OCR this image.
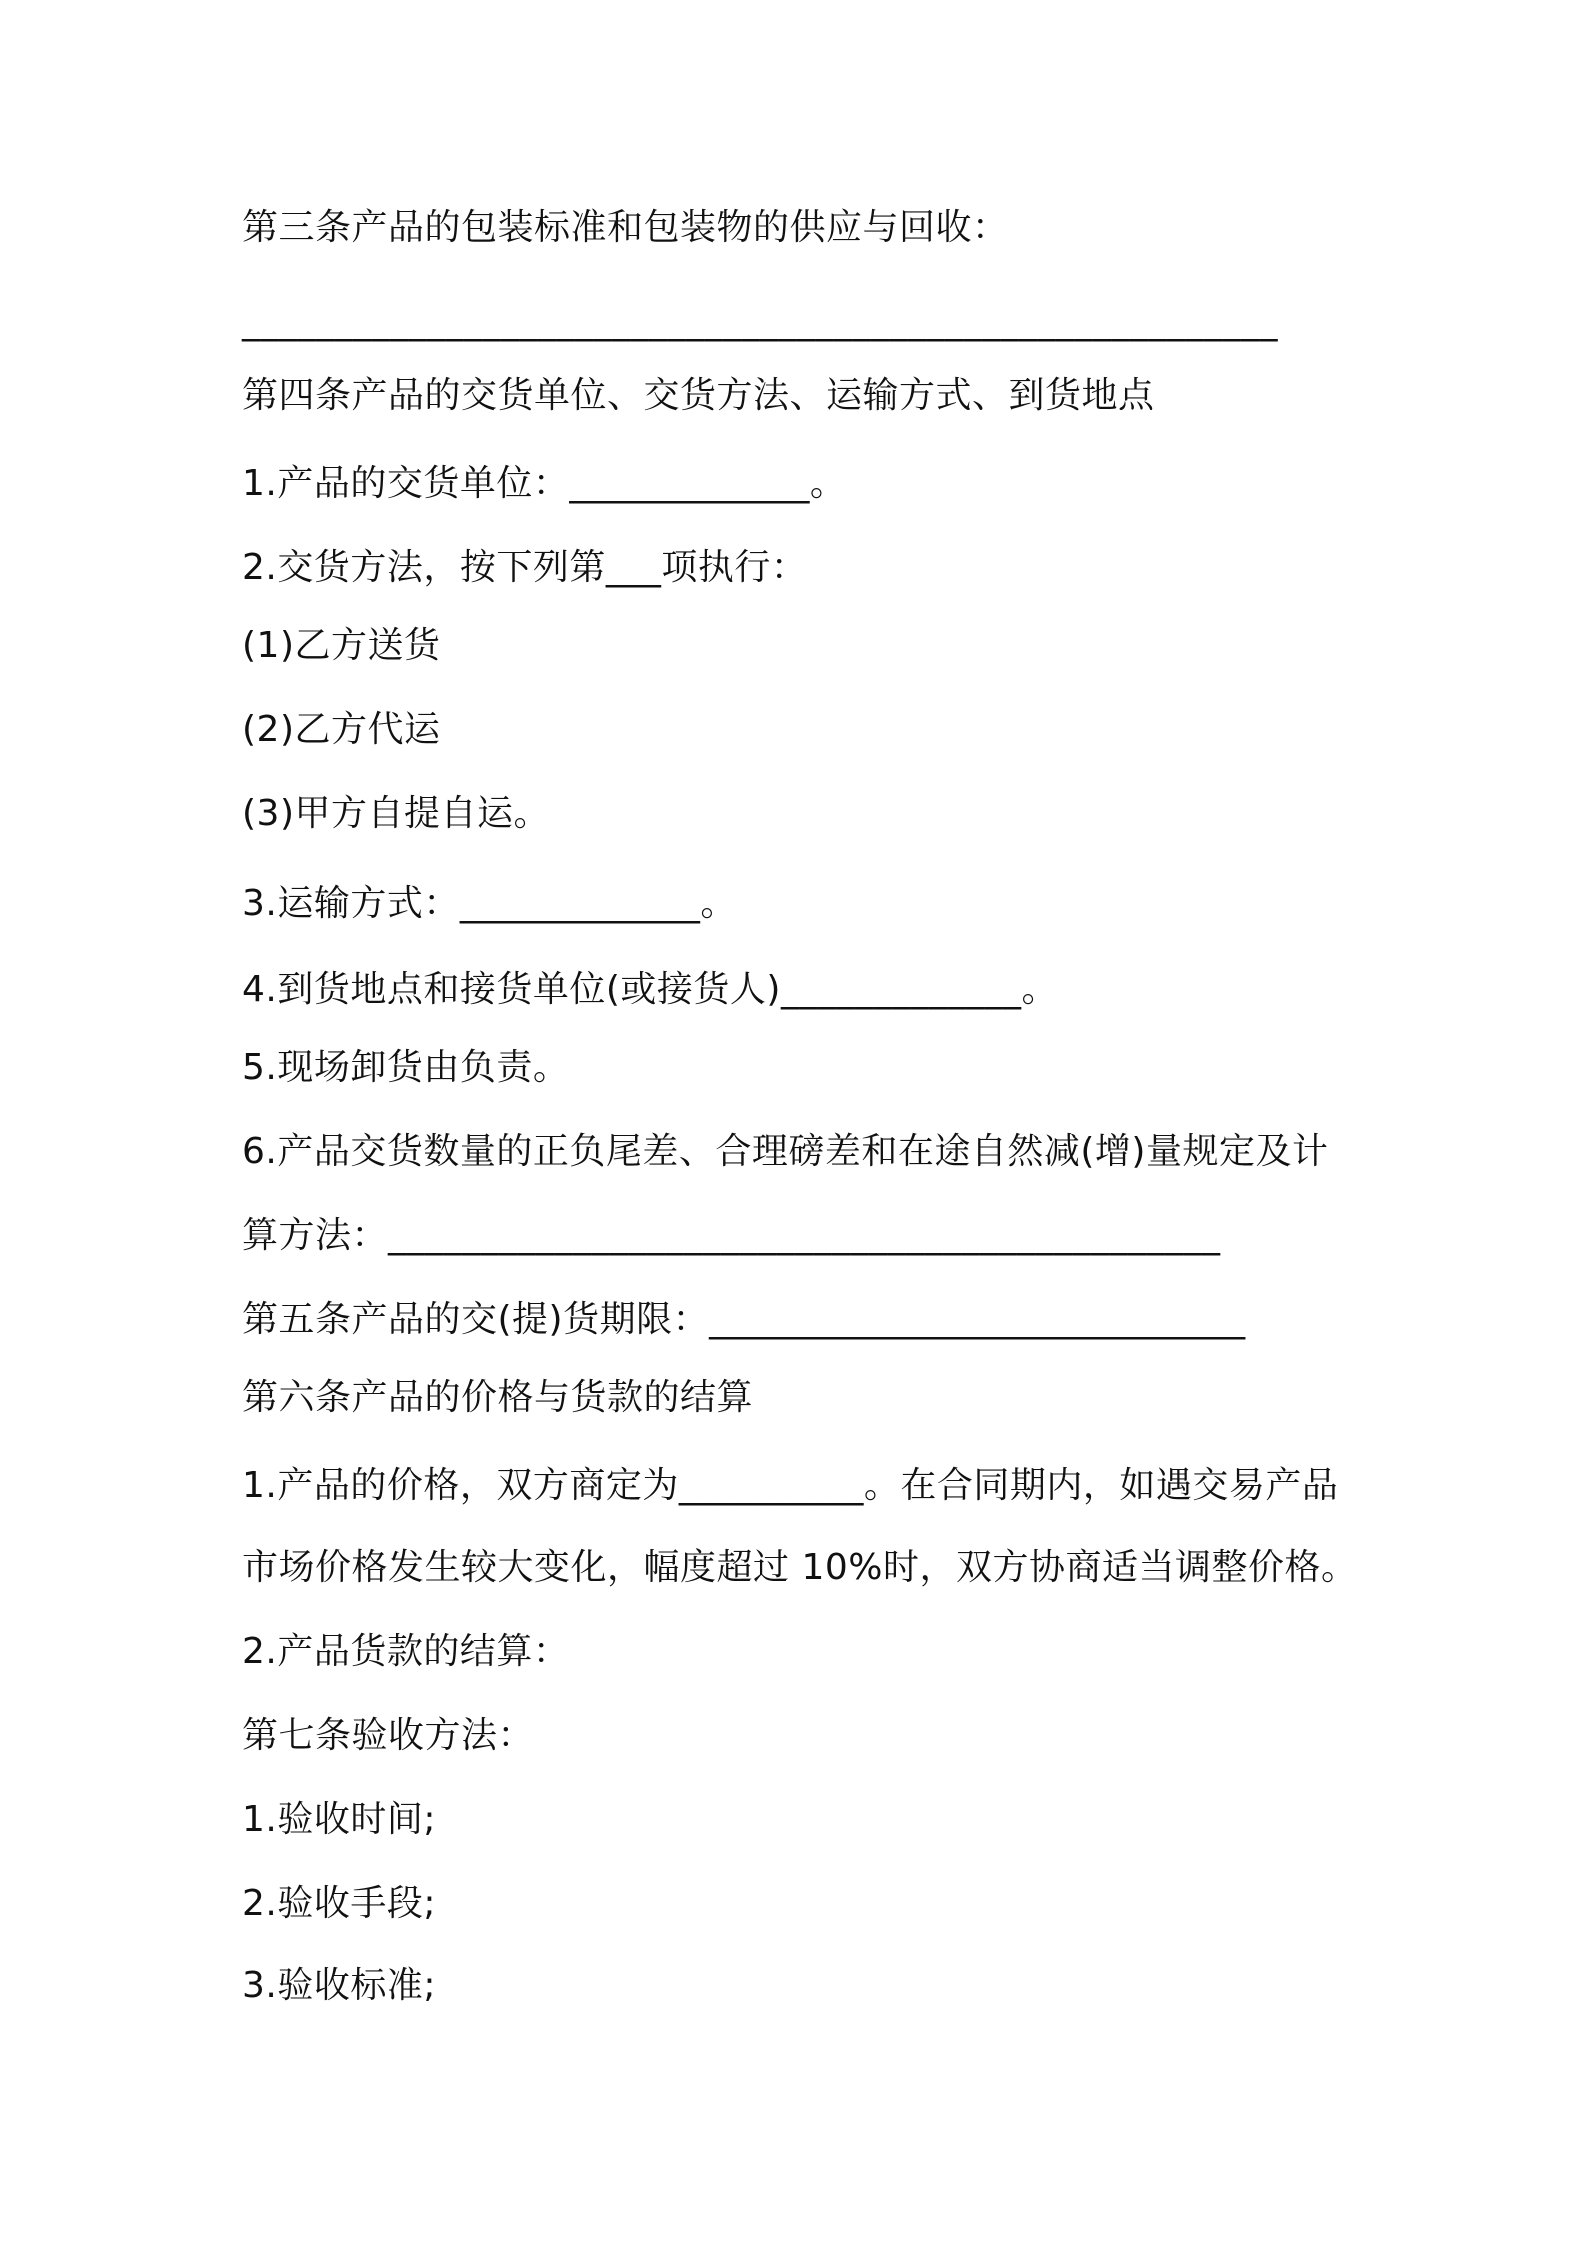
第三条产品的包装标准和包装物的供应与回收：
________________________________________________________
第四条产品的交货单位、交货方法、运输方式、到货地点
1.产品的交货单位：_____________。
2.交货方法，按下列第___项执行：
(1)乙方送货
(2)乙方代运
(3)甲方自提自运。
3.运输方式：_____________。
4.到货地点和接货单位(或接货人)_____________。
5.现场卸货由负责。
6.产品交货数量的正负尾差、合理磅差和在途自然减(增)量规定及计
算方法：_____________________________________________
第五条产品的交(提)货期限：_____________________________
第六条产品的价格与货款的结算
1.产品的价格，双方商定为__________。在合同期内，如遇交易产品
市场价格发生较大变化，幅度超过 10%时，双方协商适当调整价格。
2.产品货款的结算：
第七条验收方法：
1.验收时间;
2.验收手段;
3.验收标准;
